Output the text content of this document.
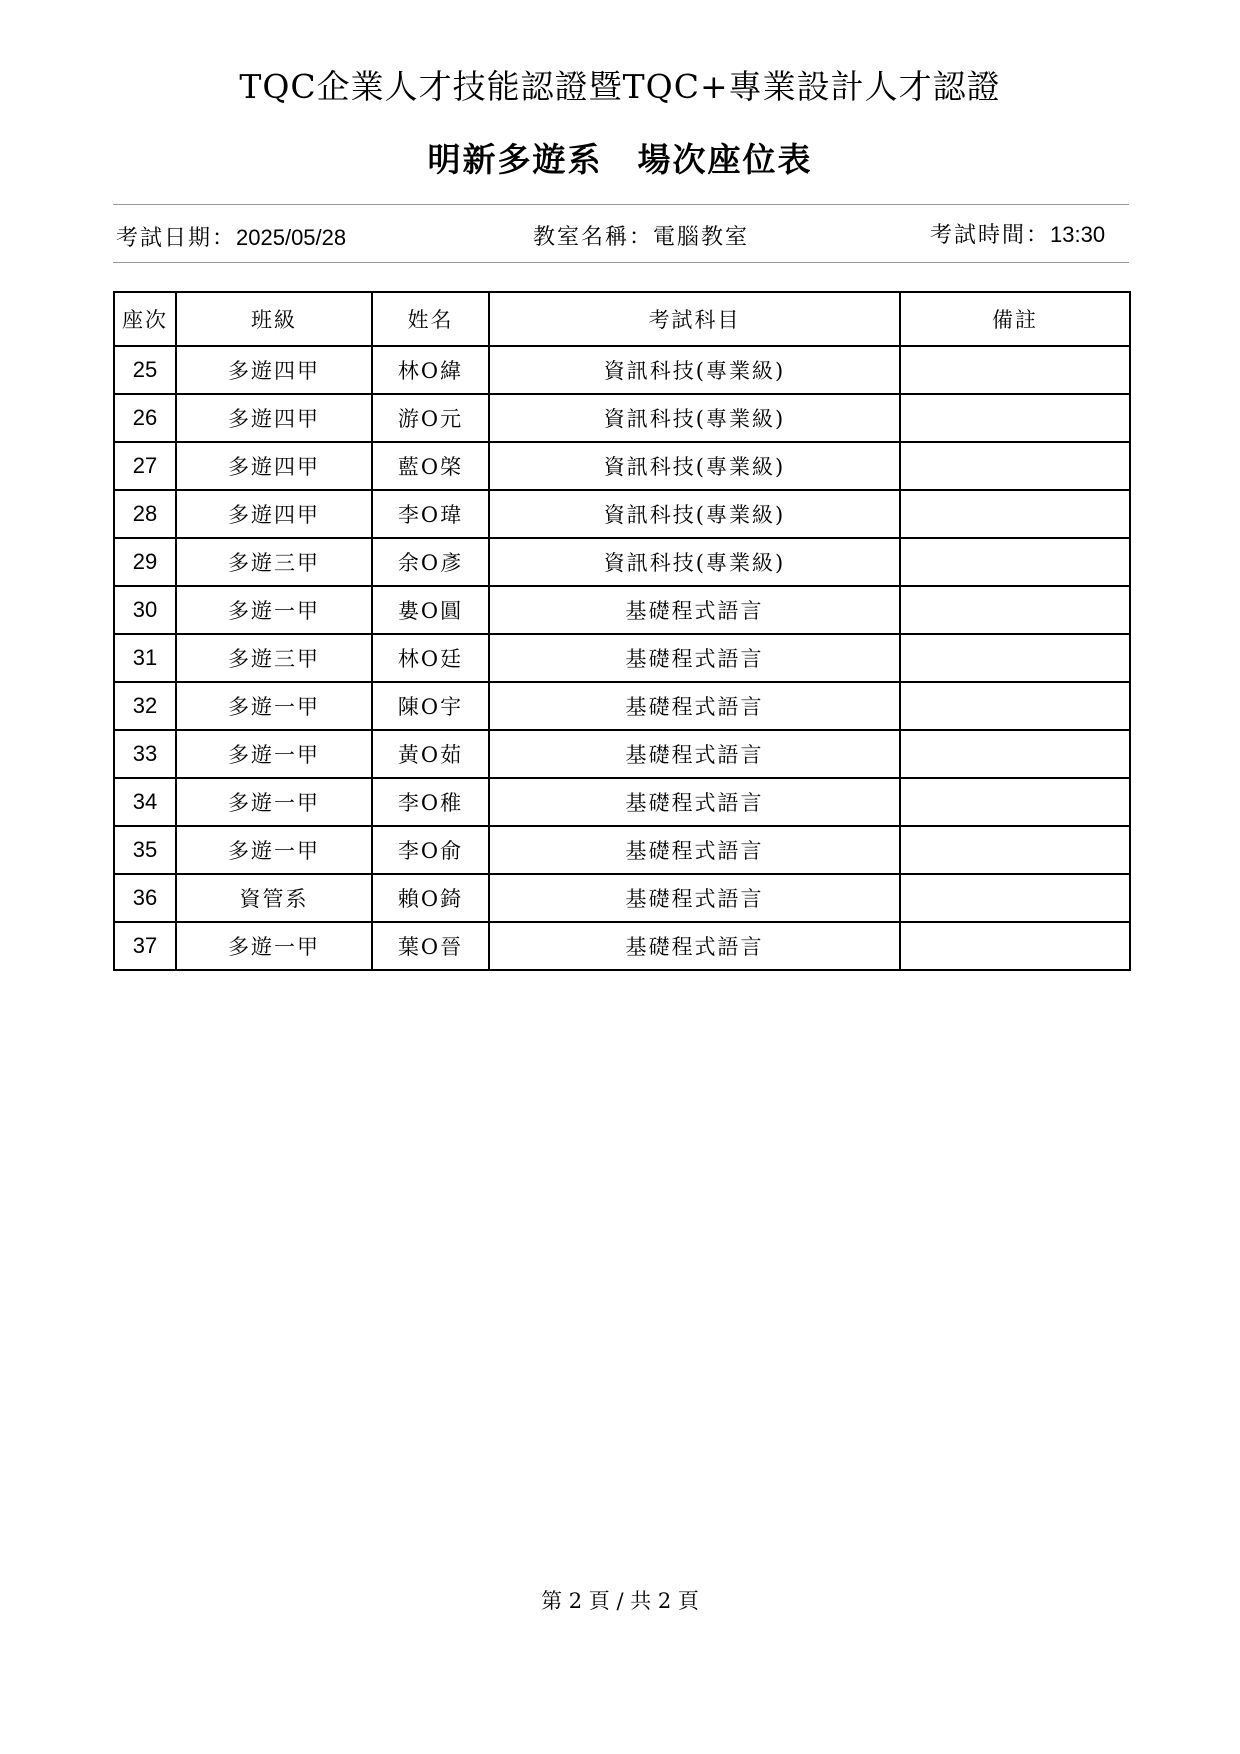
TQC企業人才技能認證暨TQC+專業設計人才認證
明新多遊系　場次座位表
考試日期：2025/05/28	教室名稱：電腦教室	考試時間：13:30
座次	班級	姓名	考試科目	備註
25	多遊四甲	林O緯	資訊科技(專業級)	
26	多遊四甲	游O元	資訊科技(專業級)	
27	多遊四甲	藍O棨	資訊科技(專業級)	
28	多遊四甲	李O瑋	資訊科技(專業級)	
29	多遊三甲	余O彥	資訊科技(專業級)	
30	多遊一甲	婁O圓	基礎程式語言	
31	多遊三甲	林O廷	基礎程式語言	
32	多遊一甲	陳O宇	基礎程式語言	
33	多遊一甲	黃O茹	基礎程式語言	
34	多遊一甲	李O稚	基礎程式語言	
35	多遊一甲	李O俞	基礎程式語言	
36	資管系	賴O錡	基礎程式語言	
37	多遊一甲	葉O晉	基礎程式語言	
第 2 頁 / 共 2 頁
